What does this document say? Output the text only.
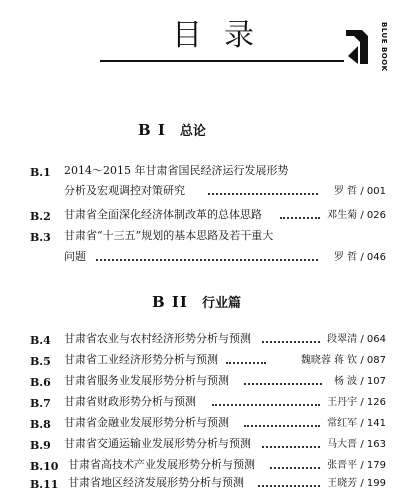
目录	BLUE BOOK
B I 总论
B.1 2014～2015 年甘肃省国民经济运行发展形势
分析及宏观调控对策研究	罗 哲 / 001
B.2 甘肃省全面深化经济体制改革的总体思路	邓生菊 / 026
B.3 甘肃省“十三五”规划的基本思路及若干重大
问题	罗 哲 / 046
B II 行业篇
B.4 甘肃省农业与农村经济形势分析与预测	段翠清 / 064
B.5 甘肃省工业经济形势分析与预测	魏晓蓉 蒋 钦 / 087
B.6 甘肃省服务业发展形势分析与预测	杨 波 / 107
B.7 甘肃省财政形势分析与预测	王丹宇 / 126
B.8 甘肃省金融业发展形势分析与预测	常红军 / 141
B.9 甘肃省交通运输业发展形势分析与预测	马大晋 / 163
B.10 甘肃省高技术产业发展形势分析与预测	张晋平 / 179
B.11 甘肃省地区经济发展形势分析与预测	王晓芳 / 199
